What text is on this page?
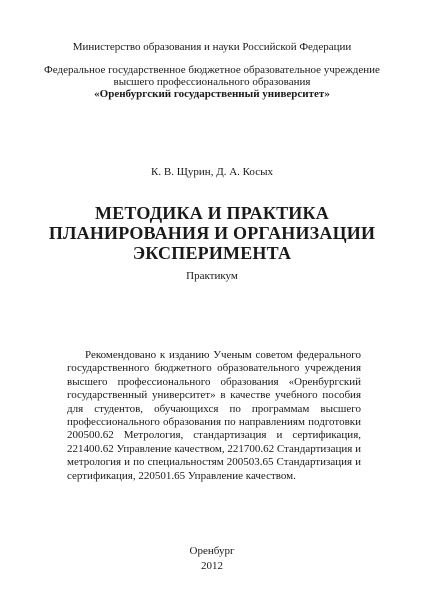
Министерство образования и науки Российской Федерации
Федеральное государственное бюджетное образовательное учреждение
высшего профессионального образования
«Оренбургский государственный университет»
К. В. Щурин, Д. А. Косых
МЕТОДИКА И ПРАКТИКА
ПЛАНИРОВАНИЯ И ОРГАНИЗАЦИИ
ЭКСПЕРИМЕНТА
Практикум
Рекомендовано к изданию Ученым советом федерального государственного бюджетного образовательного учреждения высшего профессионального образования «Оренбургский государственный университет» в качестве учебного пособия для студентов, обучающихся по программам высшего профессионального образования по направлениям подготовки 200500.62 Метрология, стандартизация и сертификация, 221400.62 Управление качеством, 221700.62 Стандартизация и метрология и по специальностям 200503.65 Стандартизация и сертификация, 220501.65 Управление качеством.
Оренбург
2012
